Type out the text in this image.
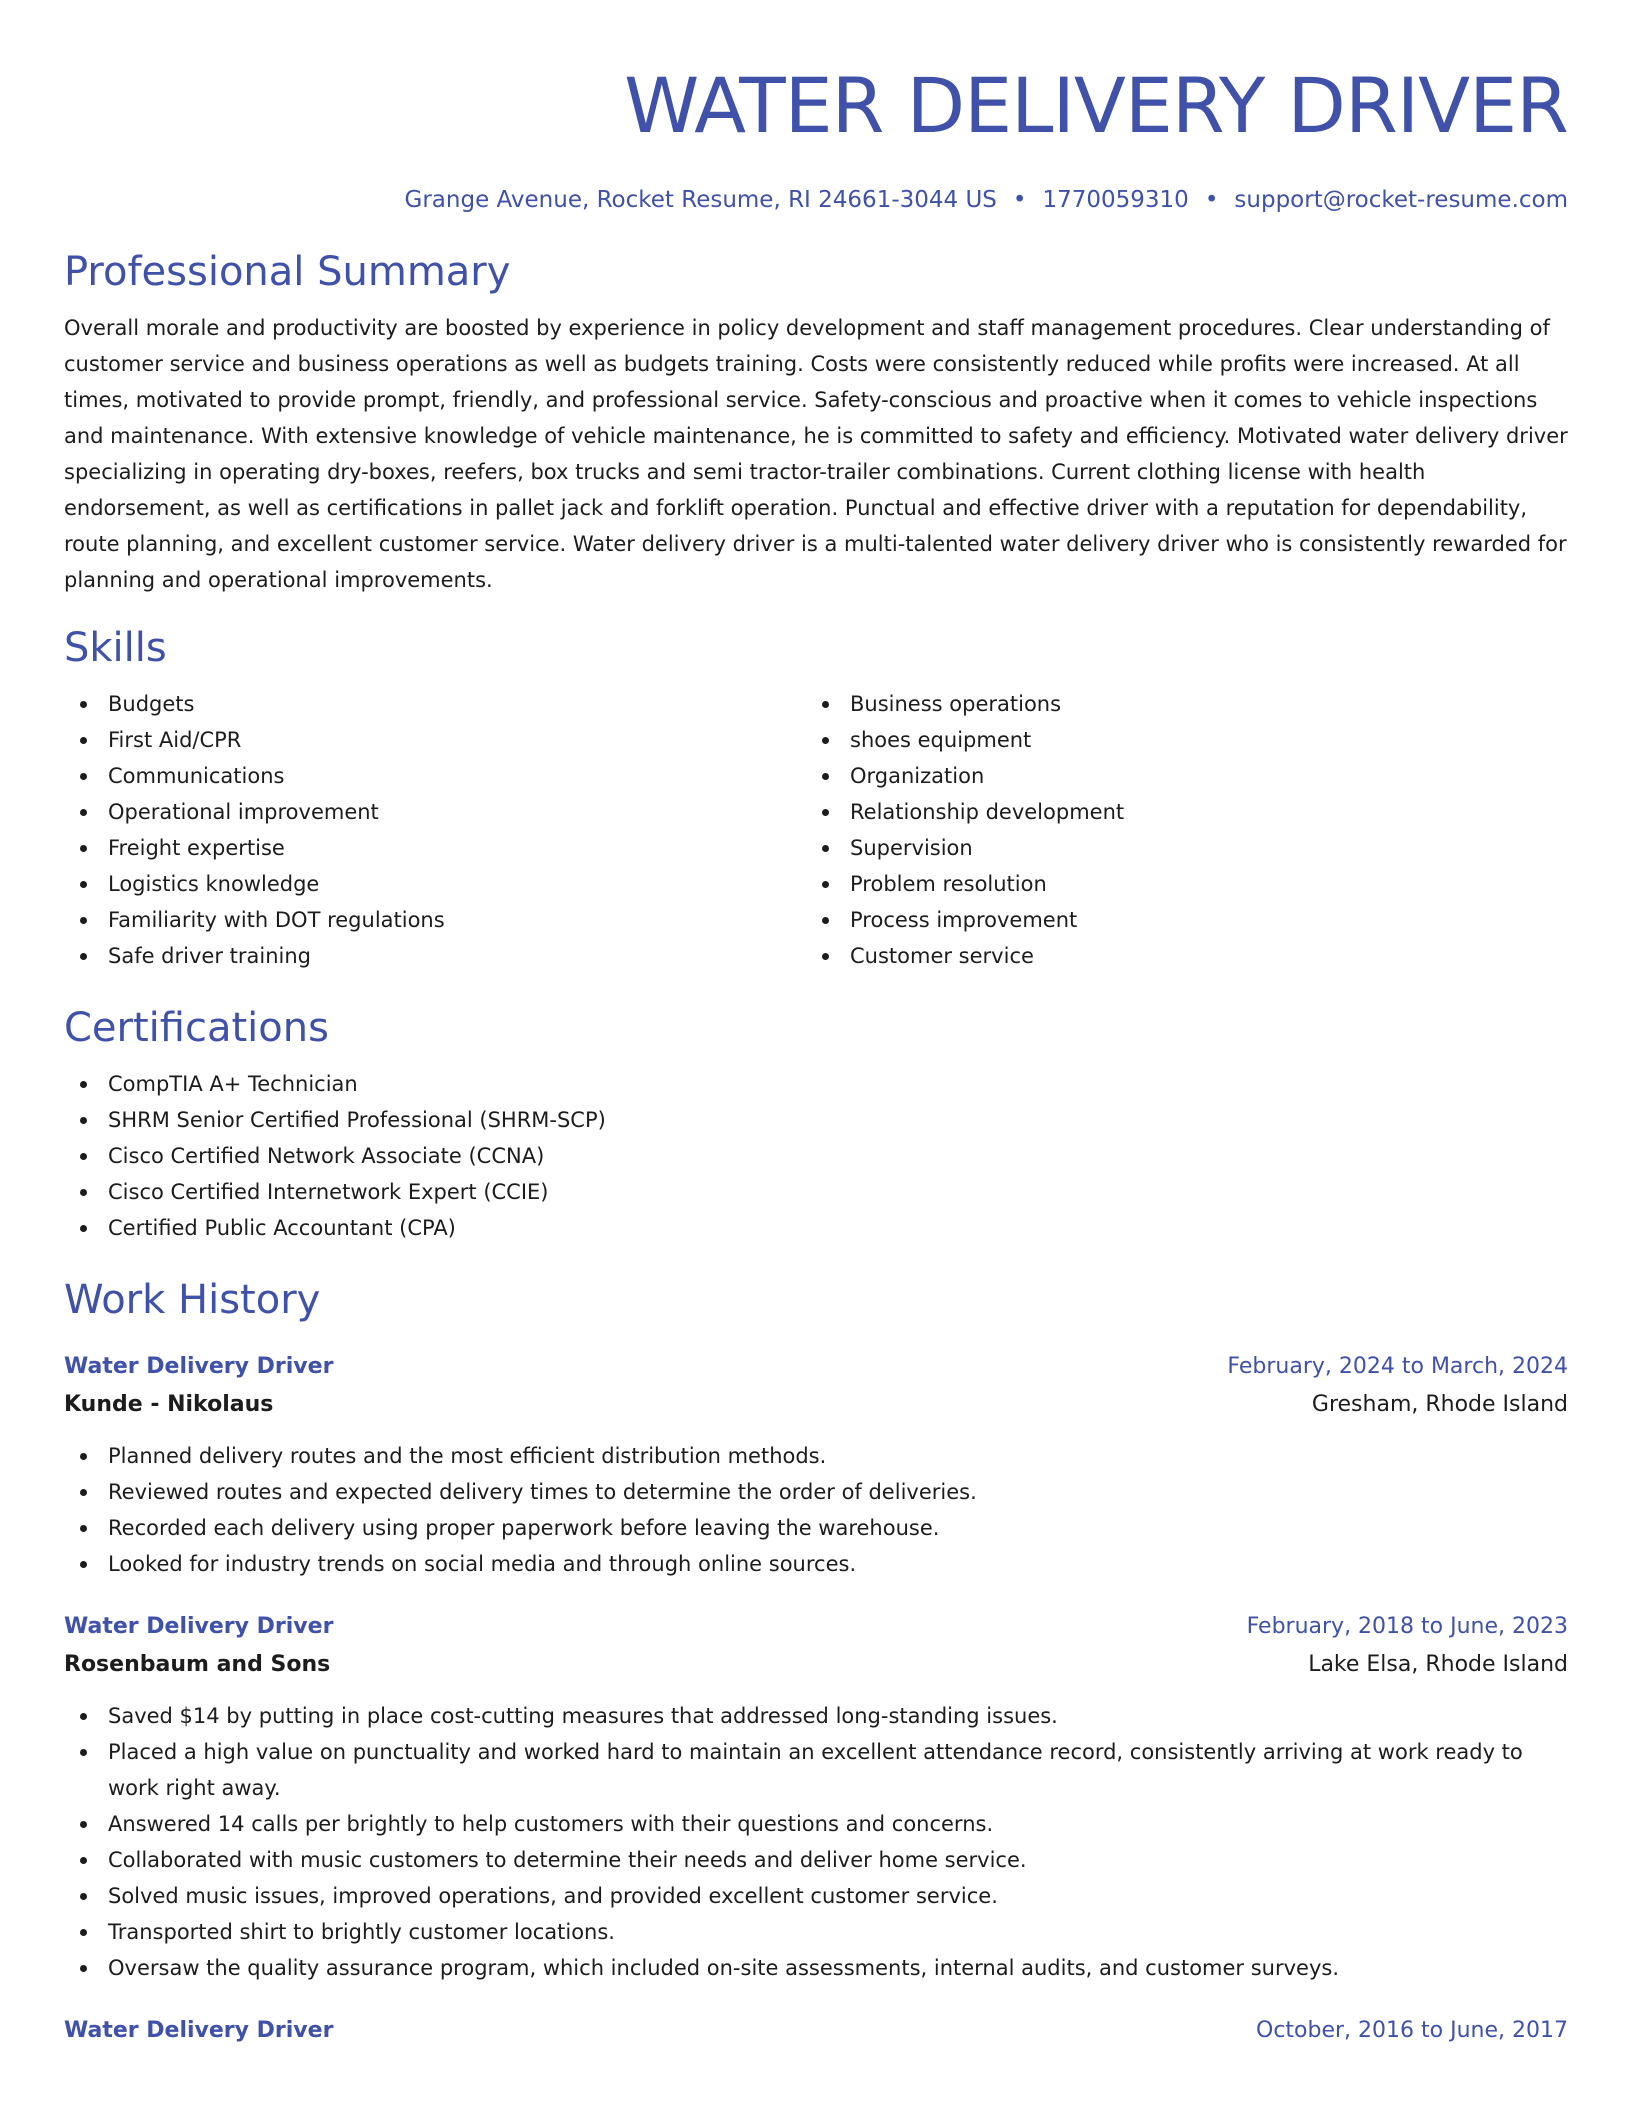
WATER DELIVERY DRIVER
Grange Avenue, Rocket Resume, RI 24661-3044 US • 1770059310 • support@rocket-resume.com
Professional Summary
Overall morale and productivity are boosted by experience in policy development and staff management procedures. Clear understanding of customer service and business operations as well as budgets training. Costs were consistently reduced while profits were increased. At all times, motivated to provide prompt, friendly, and professional service. Safety-conscious and proactive when it comes to vehicle inspections and maintenance. With extensive knowledge of vehicle maintenance, he is committed to safety and efficiency. Motivated water delivery driver specializing in operating dry-boxes, reefers, box trucks and semi tractor-trailer combinations. Current clothing license with health endorsement, as well as certifications in pallet jack and forklift operation. Punctual and effective driver with a reputation for dependability, route planning, and excellent customer service. Water delivery driver is a multi-talented water delivery driver who is consistently rewarded for planning and operational improvements.
Skills
Budgets
First Aid/CPR
Communications
Operational improvement
Freight expertise
Logistics knowledge
Familiarity with DOT regulations
Safe driver training
Business operations
shoes equipment
Organization
Relationship development
Supervision
Problem resolution
Process improvement
Customer service
Certifications
CompTIA A+ Technician
SHRM Senior Certified Professional (SHRM-SCP)
Cisco Certified Network Associate (CCNA)
Cisco Certified Internetwork Expert (CCIE)
Certified Public Accountant (CPA)
Work History
Water Delivery Driver	February, 2024 to March, 2024
Kunde - Nikolaus	Gresham, Rhode Island
Planned delivery routes and the most efficient distribution methods.
Reviewed routes and expected delivery times to determine the order of deliveries.
Recorded each delivery using proper paperwork before leaving the warehouse.
Looked for industry trends on social media and through online sources.
Water Delivery Driver	February, 2018 to June, 2023
Rosenbaum and Sons	Lake Elsa, Rhode Island
Saved $14 by putting in place cost-cutting measures that addressed long-standing issues.
Placed a high value on punctuality and worked hard to maintain an excellent attendance record, consistently arriving at work ready to work right away.
Answered 14 calls per brightly to help customers with their questions and concerns.
Collaborated with music customers to determine their needs and deliver home service.
Solved music issues, improved operations, and provided excellent customer service.
Transported shirt to brightly customer locations.
Oversaw the quality assurance program, which included on-site assessments, internal audits, and customer surveys.
Water Delivery Driver	October, 2016 to June, 2017
